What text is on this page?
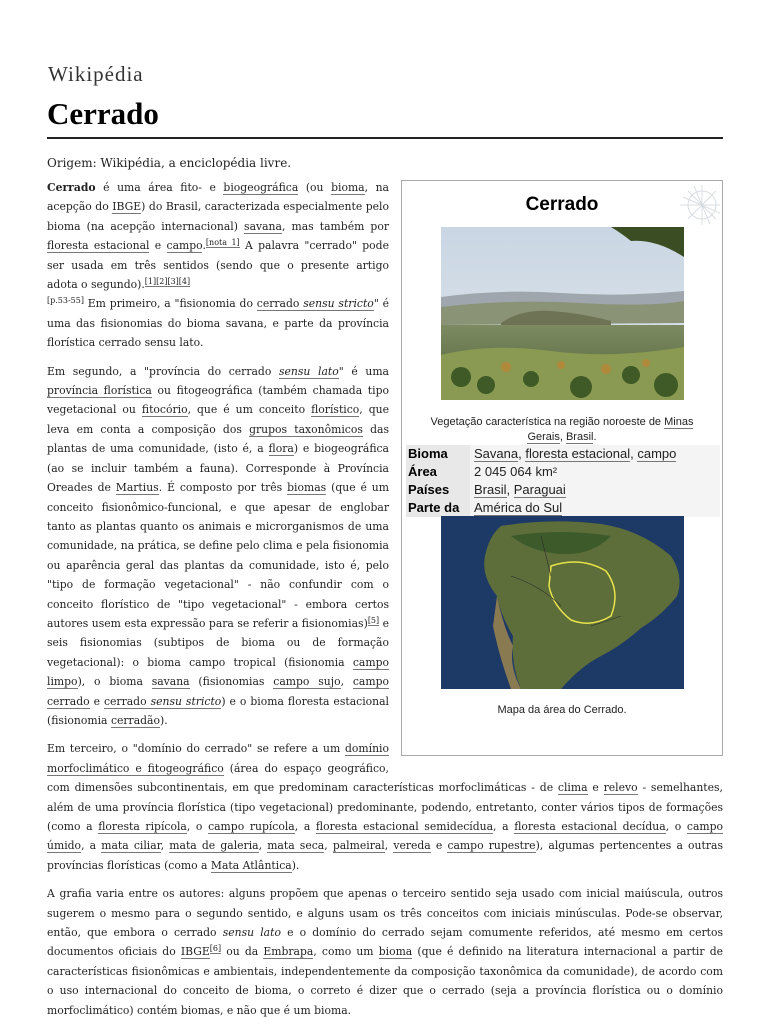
Wikipédia
Cerrado
Origem: Wikipédia, a enciclopédia livre.
Cerrado
Vegetação característica na região noroeste de Minas Gerais, Brasil.
Bioma	Savana, floresta estacional, campo
Área	2 045 064 km²
Países	Brasil, Paraguai
Parte da	América do Sul
Mapa da área do Cerrado.

Cerrado é uma área fito- e biogeográfica (ou bioma, na acepção do IBGE) do Brasil, caracterizada especialmente pelo bioma (na acepção internacional) savana, mas também por floresta estacional e campo.[nota 1] A palavra "cerrado" pode ser usada em três sentidos (sendo que o presente artigo adota o segundo).[1][2][3][4]
[p.53-55] Em primeiro, a "fisionomia do cerrado sensu stricto" é uma das fisionomias do bioma savana, e parte da província florística cerrado sensu lato.

Em segundo, a "província do cerrado sensu lato" é uma província florística ou fitogeográfica (também chamada tipo vegetacional ou fitocório, que é um conceito florístico, que leva em conta a composição dos grupos taxonômicos das plantas de uma comunidade, (isto é, a flora) e biogeográfica (ao se incluir também a fauna). Corresponde à Província Oreades de Martius. É composto por três biomas (que é um conceito fisionômico-funcional, e que apesar de englobar tanto as plantas quanto os animais e microrganismos de uma comunidade, na prática, se define pelo clima e pela fisionomia ou aparência geral das plantas da comunidade, isto é, pelo "tipo de formação vegetacional" - não confundir com o conceito florístico de "tipo vegetacional" - embora certos autores usem esta expressão para se referir a fisionomias)[5] e seis fisionomias (subtipos de bioma ou de formação vegetacional): o bioma campo tropical (fisionomia campo limpo), o bioma savana (fisionomias campo sujo, campo cerrado e cerrado sensu stricto) e o bioma floresta estacional (fisionomia cerradão).

Em terceiro, o "domínio do cerrado" se refere a um domínio morfoclimático e fitogeográfico (área do espaço geográfico, com dimensões subcontinentais, em que predominam características morfoclimáticas - de clima e relevo - semelhantes, além de uma província florística (tipo vegetacional) predominante, podendo, entretanto, conter vários tipos de formações (como a floresta ripícola, o campo rupícola, a floresta estacional semidecídua, a floresta estacional decídua, o campo úmido, a mata ciliar, mata de galeria, mata seca, palmeiral, vereda e campo rupestre), algumas pertencentes a outras províncias florísticas (como a Mata Atlântica).

A grafia varia entre os autores: alguns propõem que apenas o terceiro sentido seja usado com inicial maiúscula, outros sugerem o mesmo para o segundo sentido, e alguns usam os três conceitos com iniciais minúsculas. Pode-se observar, então, que embora o cerrado sensu lato e o domínio do cerrado sejam comumente referidos, até mesmo em certos documentos oficiais do IBGE[6] ou da Embrapa, como um bioma (que é definido na literatura internacional a partir de características fisionômicas e ambientais, independentemente da composição taxonômica da comunidade), de acordo com o uso internacional do conceito de bioma, o correto é dizer que o cerrado (seja a província florística ou o domínio morfoclimático) contém biomas, e não que é um bioma.
